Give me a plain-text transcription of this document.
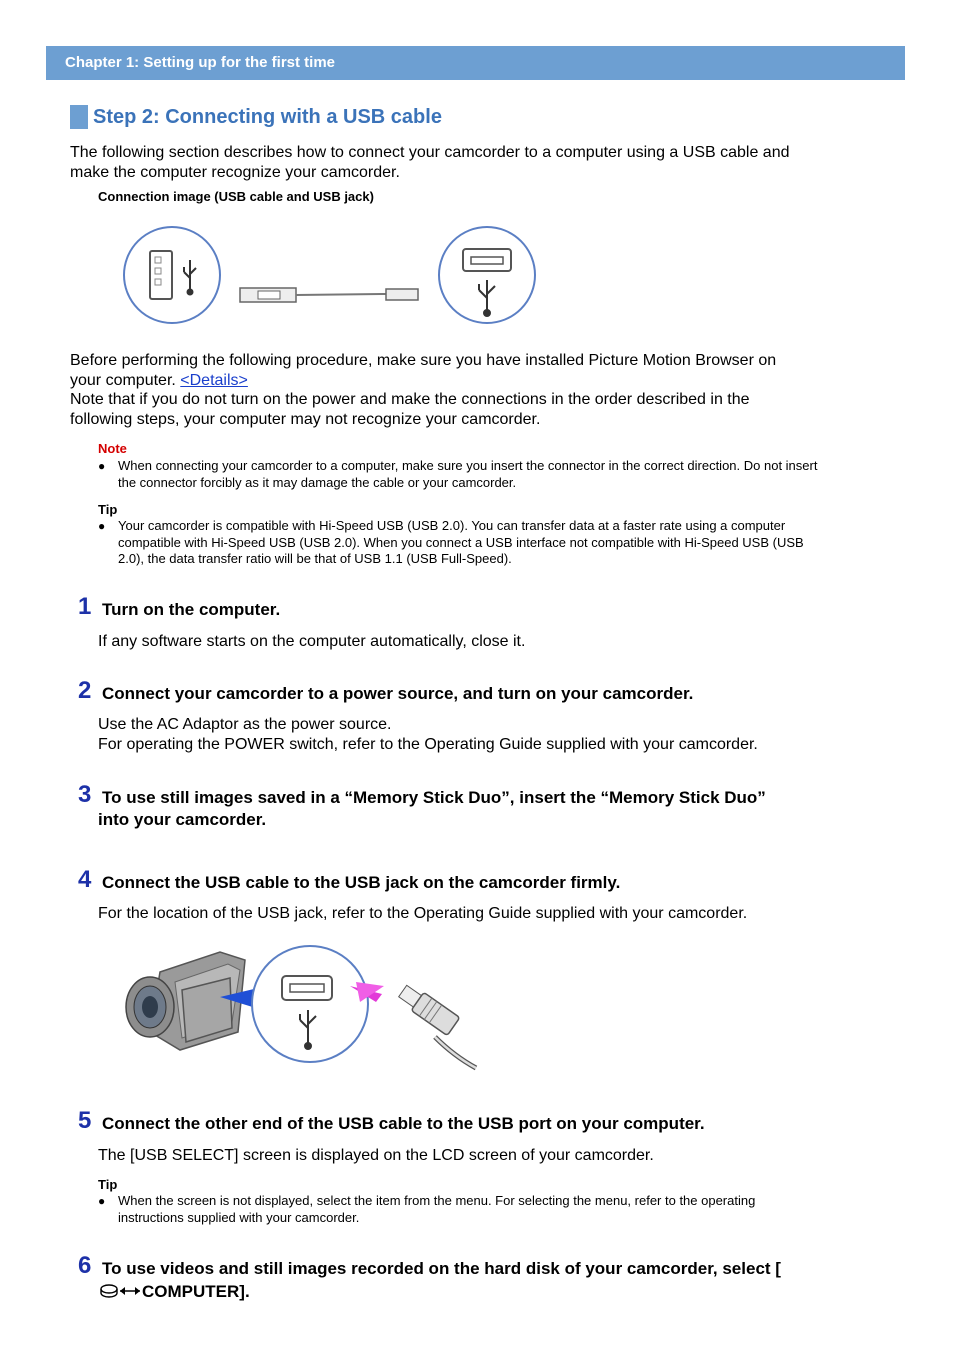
Chapter 1: Setting up for the first time
Step 2: Connecting with a USB cable
The following section describes how to connect your camcorder to a computer using a USB cable and
make the computer recognize your camcorder.
Connection image (USB cable and USB jack)
Before performing the following procedure, make sure you have installed Picture Motion Browser on
your computer. <Details>
Note that if you do not turn on the power and make the connections in the order described in the
following steps, your computer may not recognize your camcorder.
Note
● When connecting your camcorder to a computer, make sure you insert the connector in the correct direction. Do not insert
the connector forcibly as it may damage the cable or your camcorder.
Tip
● Your camcorder is compatible with Hi-Speed USB (USB 2.0). You can transfer data at a faster rate using a computer
compatible with Hi-Speed USB (USB 2.0). When you connect a USB interface not compatible with Hi-Speed USB (USB
2.0), the data transfer ratio will be that of USB 1.1 (USB Full-Speed).
1 Turn on the computer.
If any software starts on the computer automatically, close it.
2 Connect your camcorder to a power source, and turn on your camcorder.
Use the AC Adaptor as the power source.
For operating the POWER switch, refer to the Operating Guide supplied with your camcorder.
3 To use still images saved in a “Memory Stick Duo”, insert the “Memory Stick Duo”
into your camcorder.
4 Connect the USB cable to the USB jack on the camcorder firmly.
For the location of the USB jack, refer to the Operating Guide supplied with your camcorder.
5 Connect the other end of the USB cable to the USB port on your computer.
The [USB SELECT] screen is displayed on the LCD screen of your camcorder.
Tip
● When the screen is not displayed, select the item from the menu. For selecting the menu, refer to the operating
instructions supplied with your camcorder.
6 To use videos and still images recorded on the hard disk of your camcorder, select [
COMPUTER].
